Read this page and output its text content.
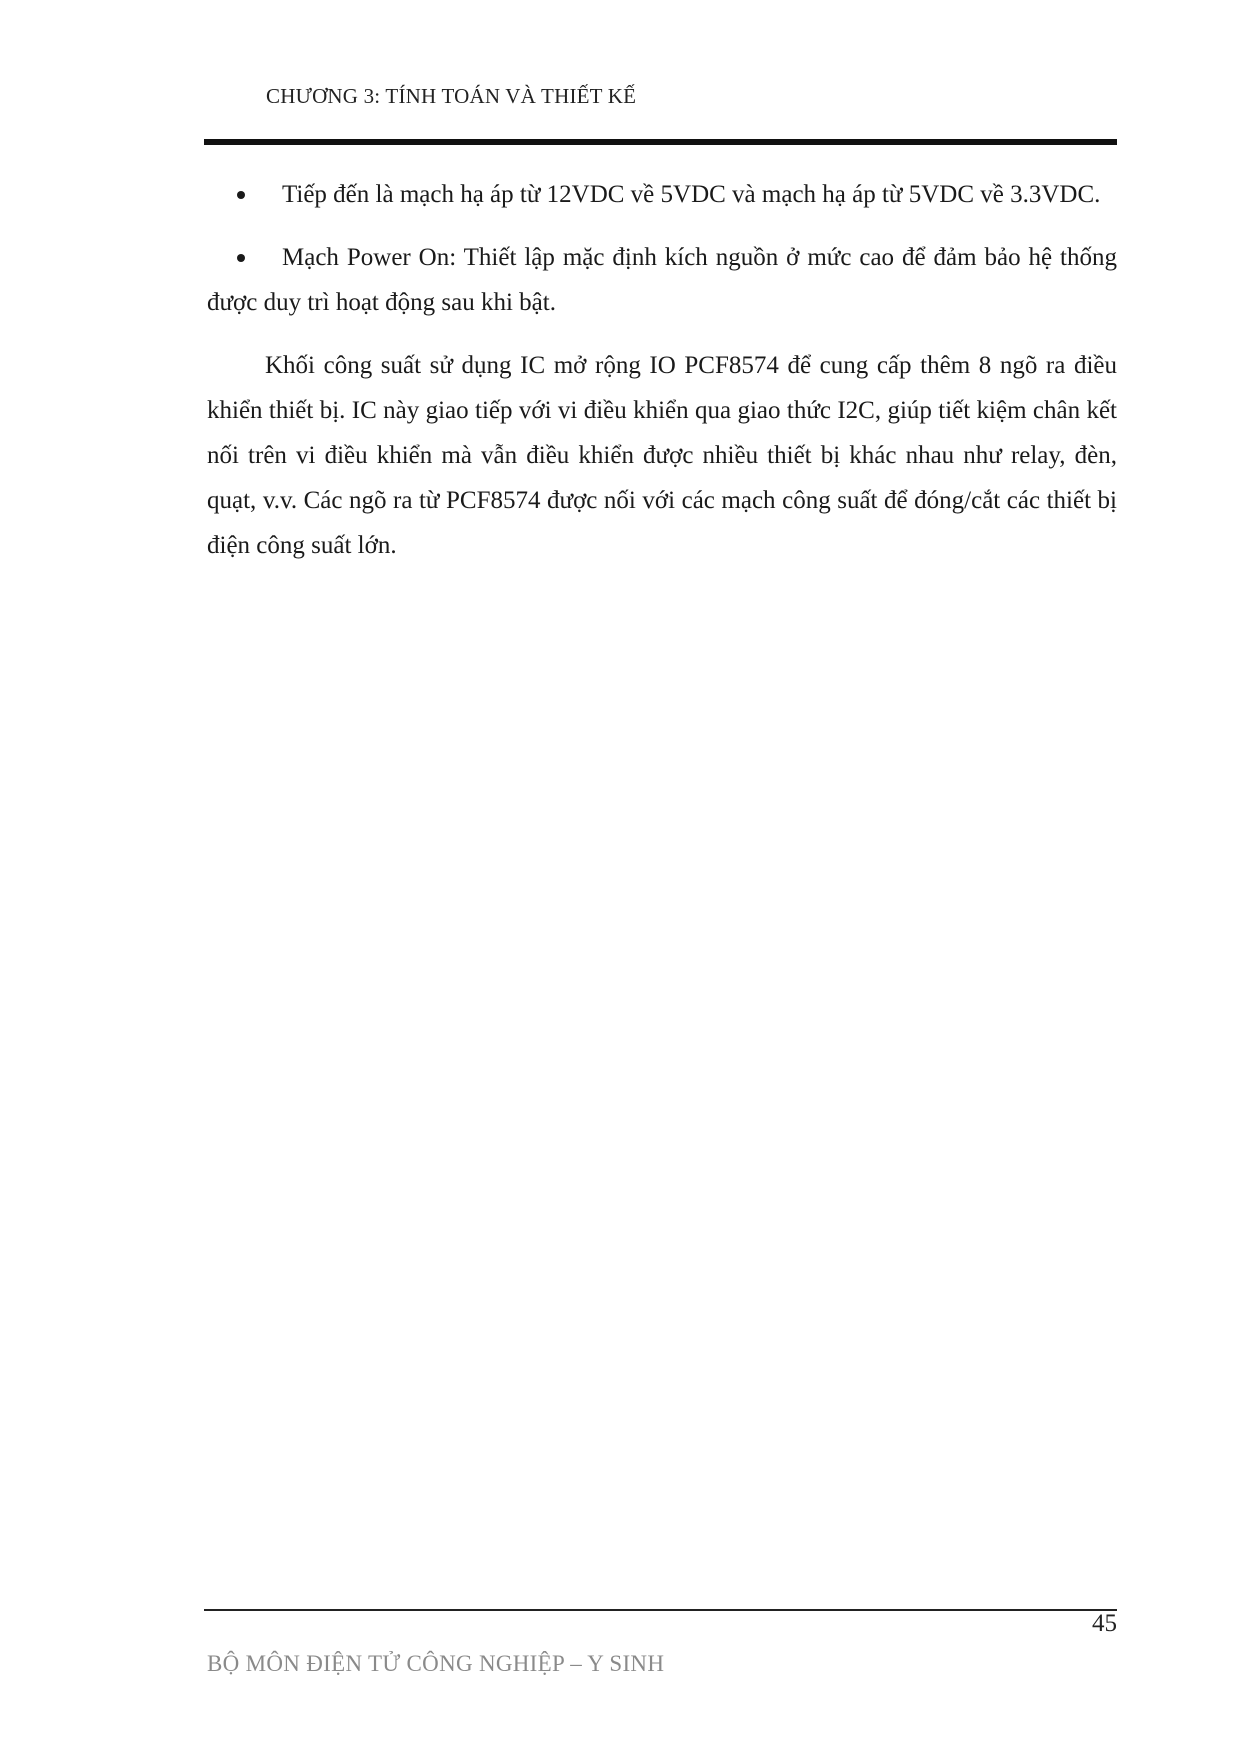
CHƯƠNG 3: TÍNH TOÁN VÀ THIẾT KẾ

Tiếp đến là mạch hạ áp từ 12VDC về 5VDC và mạch hạ áp từ 5VDC về 3.3VDC.

Mạch Power On: Thiết lập mặc định kích nguồn ở mức cao để đảm bảo hệ thống được duy trì hoạt động sau khi bật.

Khối công suất sử dụng IC mở rộng IO PCF8574 để cung cấp thêm 8 ngõ ra điều khiển thiết bị. IC này giao tiếp với vi điều khiển qua giao thức I2C, giúp tiết kiệm chân kết nối trên vi điều khiển mà vẫn điều khiển được nhiều thiết bị khác nhau như relay, đèn, quạt, v.v. Các ngõ ra từ PCF8574 được nối với các mạch công suất để đóng/cắt các thiết bị điện công suất lớn.

45
BỘ MÔN ĐIỆN TỬ CÔNG NGHIỆP – Y SINH
